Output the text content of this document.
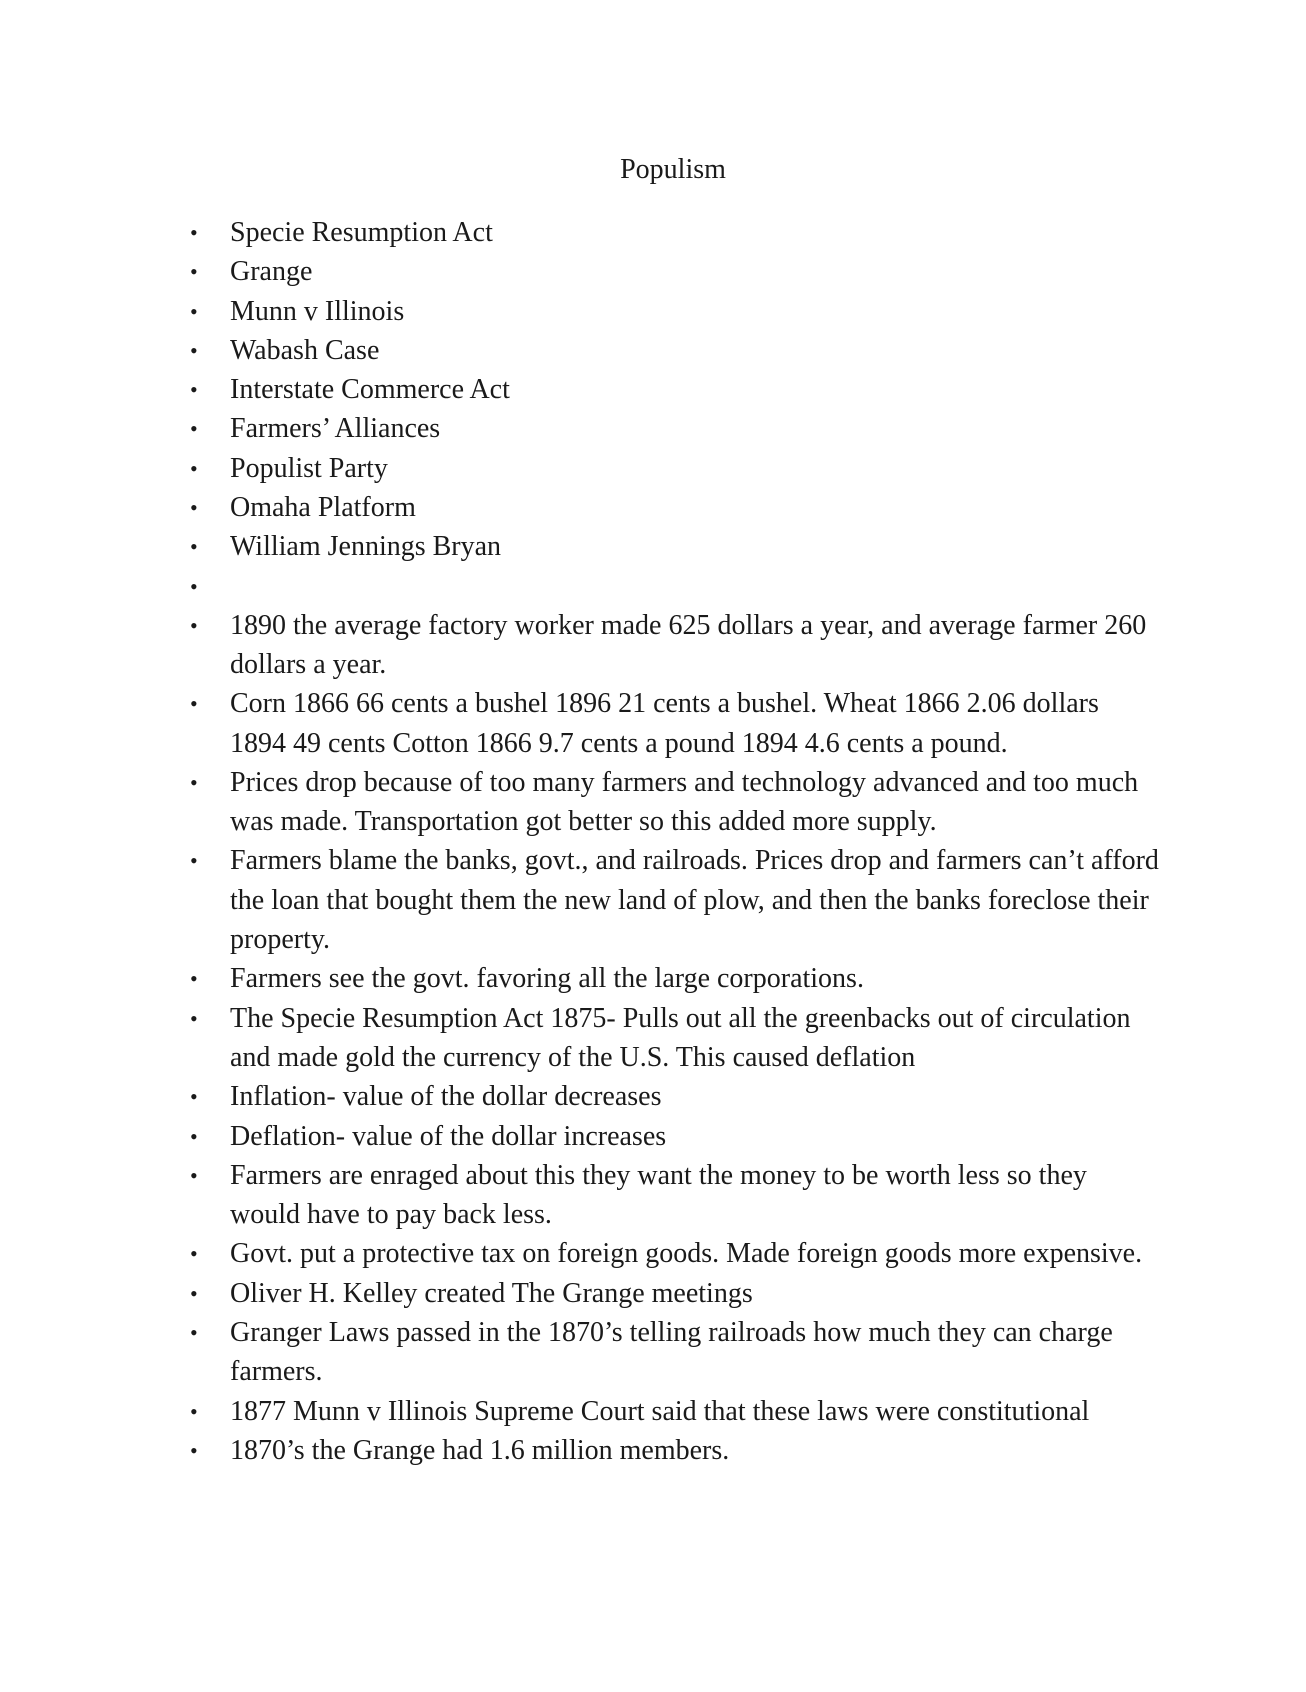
Populism
•	Specie Resumption Act
•	Grange
•	Munn v Illinois
•	Wabash Case
•	Interstate Commerce Act
•	Farmers’ Alliances
•	Populist Party
•	Omaha Platform
•	William Jennings Bryan
•
•	1890 the average factory worker made 625 dollars a year, and average farmer 260 dollars a year.
•	Corn 1866 66 cents a bushel 1896 21 cents a bushel. Wheat 1866 2.06 dollars 1894 49 cents Cotton 1866 9.7 cents a pound 1894 4.6 cents a pound.
•	Prices drop because of too many farmers and technology advanced and too much was made. Transportation got better so this added more supply.
•	Farmers blame the banks, govt., and railroads. Prices drop and farmers can’t afford the loan that bought them the new land of plow, and then the banks foreclose their property.
•	Farmers see the govt. favoring all the large corporations.
•	The Specie Resumption Act 1875- Pulls out all the greenbacks out of circulation and made gold the currency of the U.S. This caused deflation
•	Inflation- value of the dollar decreases
•	Deflation- value of the dollar increases
•	Farmers are enraged about this they want the money to be worth less so they would have to pay back less.
•	Govt. put a protective tax on foreign goods. Made foreign goods more expensive.
•	Oliver H. Kelley created The Grange meetings
•	Granger Laws passed in the 1870’s telling railroads how much they can charge farmers.
•	1877 Munn v Illinois Supreme Court said that these laws were constitutional
•	1870’s the Grange had 1.6 million members.
